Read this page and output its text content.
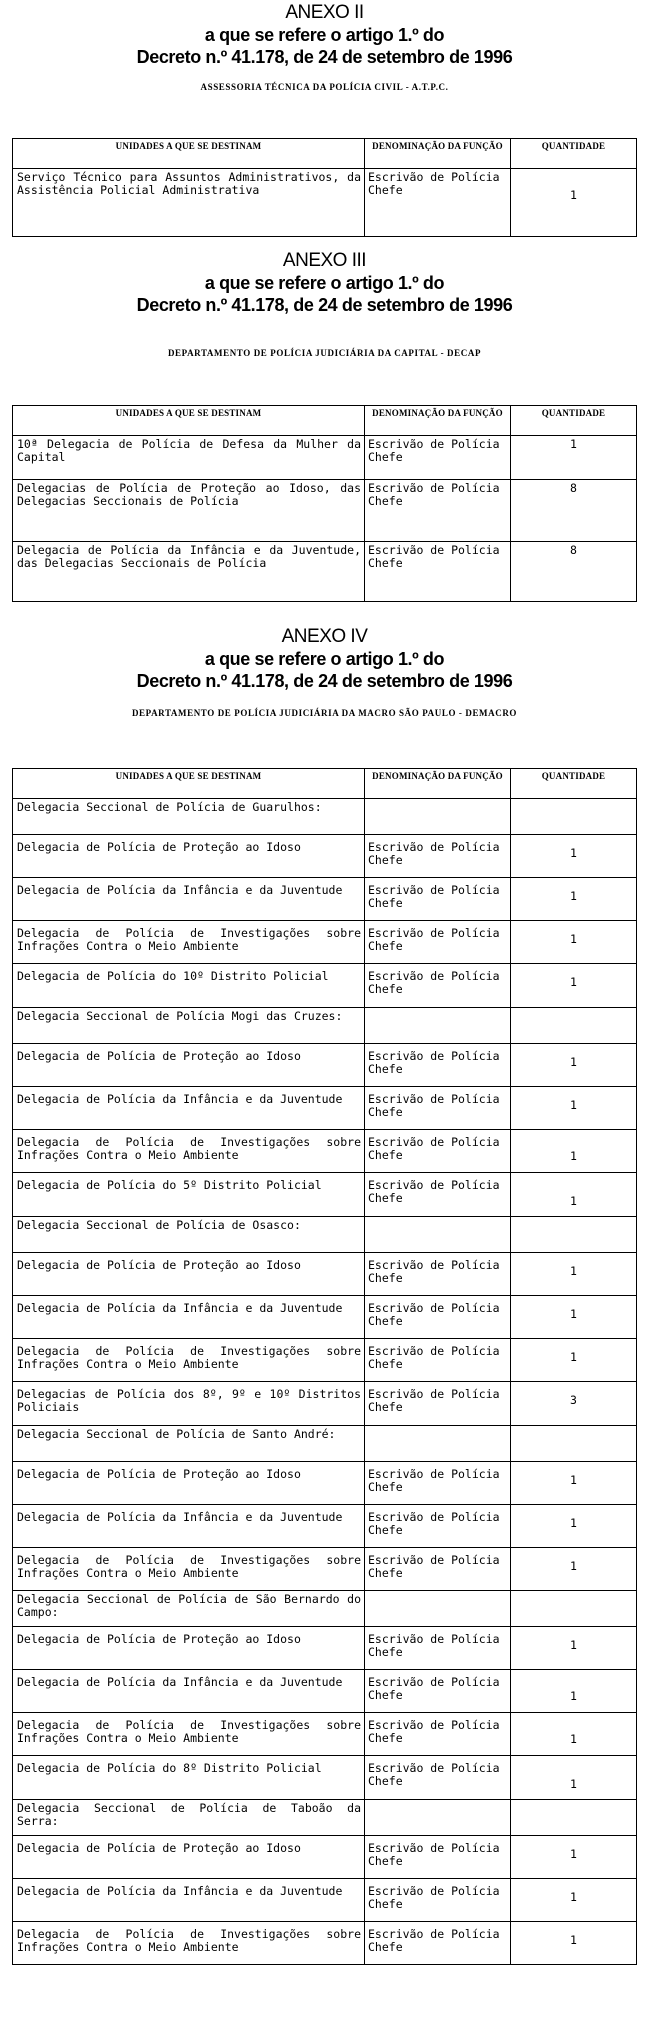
ANEXO II
a que se refere o artigo 1.º do
Decreto n.º 41.178, de 24 de setembro de 1996
ASSESSORIA TÉCNICA DA POLÍCIA CIVIL - A.T.P.C.
UNIDADES A QUE SE DESTINAM	DENOMINAÇÃO DA FUNÇÃO	QUANTIDADE
Serviço Técnico para Assuntos Administrativos, da Assistência Policial Administrativa	Escrivão de Polícia Chefe	1
ANEXO III
a que se refere o artigo 1.º do
Decreto n.º 41.178, de 24 de setembro de 1996
DEPARTAMENTO DE POLÍCIA JUDICIÁRIA DA CAPITAL - DECAP
UNIDADES A QUE SE DESTINAM	DENOMINAÇÃO DA FUNÇÃO	QUANTIDADE
10ª Delegacia de Polícia de Defesa da Mulher da Capital	Escrivão de Polícia Chefe	1
Delegacias de Polícia de Proteção ao Idoso, das Delegacias Seccionais de Polícia	Escrivão de Polícia Chefe	8
Delegacia de Polícia da Infância e da Juventude, das Delegacias Seccionais de Polícia	Escrivão de Polícia Chefe	8
ANEXO IV
a que se refere o artigo 1.º do
Decreto n.º 41.178, de 24 de setembro de 1996
DEPARTAMENTO DE POLÍCIA JUDICIÁRIA DA MACRO SÃO PAULO - DEMACRO
UNIDADES A QUE SE DESTINAM	DENOMINAÇÃO DA FUNÇÃO	QUANTIDADE
Delegacia Seccional de Polícia de Guarulhos:		
Delegacia de Polícia de Proteção ao Idoso	Escrivão de Polícia Chefe	1
Delegacia de Polícia da Infância e da Juventude	Escrivão de Polícia Chefe	1
Delegacia de Polícia de Investigações sobre Infrações Contra o Meio Ambiente	Escrivão de Polícia Chefe	1
Delegacia de Polícia do 10º Distrito Policial	Escrivão de Polícia Chefe	1
Delegacia Seccional de Polícia Mogi das Cruzes:		
Delegacia de Polícia de Proteção ao Idoso	Escrivão de Polícia Chefe	1
Delegacia de Polícia da Infância e da Juventude	Escrivão de Polícia Chefe	1
Delegacia de Polícia de Investigações sobre Infrações Contra o Meio Ambiente	Escrivão de Polícia Chefe	1
Delegacia de Polícia do 5º Distrito Policial	Escrivão de Polícia Chefe	1
Delegacia Seccional de Polícia de Osasco:		
Delegacia de Polícia de Proteção ao Idoso	Escrivão de Polícia Chefe	1
Delegacia de Polícia da Infância e da Juventude	Escrivão de Polícia Chefe	1
Delegacia de Polícia de Investigações sobre Infrações Contra o Meio Ambiente	Escrivão de Polícia Chefe	1
Delegacias de Polícia dos 8º, 9º e 10º Distritos Policiais	Escrivão de Polícia Chefe	3
Delegacia Seccional de Polícia de Santo André:		
Delegacia de Polícia de Proteção ao Idoso	Escrivão de Polícia Chefe	1
Delegacia de Polícia da Infância e da Juventude	Escrivão de Polícia Chefe	1
Delegacia de Polícia de Investigações sobre Infrações Contra o Meio Ambiente	Escrivão de Polícia Chefe	1
Delegacia Seccional de Polícia de São Bernardo do Campo:		
Delegacia de Polícia de Proteção ao Idoso	Escrivão de Polícia Chefe	1
Delegacia de Polícia da Infância e da Juventude	Escrivão de Polícia Chefe	1
Delegacia de Polícia de Investigações sobre Infrações Contra o Meio Ambiente	Escrivão de Polícia Chefe	1
Delegacia de Polícia do 8º Distrito Policial	Escrivão de Polícia Chefe	1
Delegacia Seccional de Polícia de Taboão da Serra:		
Delegacia de Polícia de Proteção ao Idoso	Escrivão de Polícia Chefe	1
Delegacia de Polícia da Infância e da Juventude	Escrivão de Polícia Chefe	1
Delegacia de Polícia de Investigações sobre Infrações Contra o Meio Ambiente	Escrivão de Polícia Chefe	1
